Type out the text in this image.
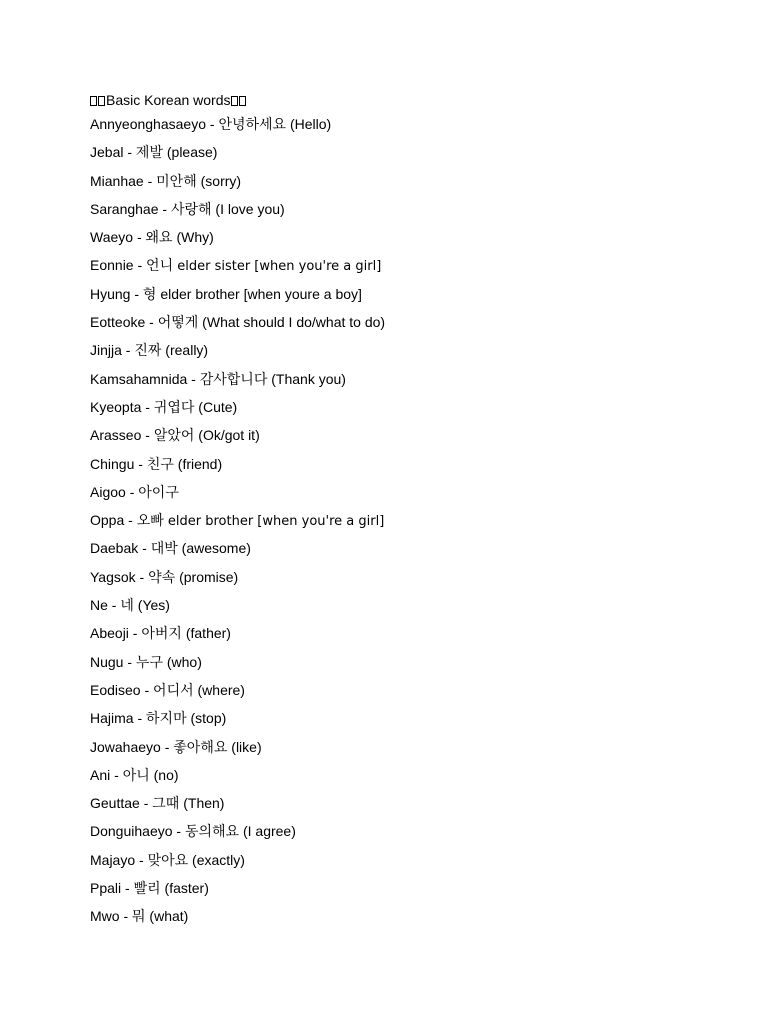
Basic Korean words
Annyeonghasaeyo - 안녕하세요 (Hello)
Jebal - 제발 (please)
Mianhae - 미안해 (sorry)
Saranghae - 사랑해 (I love you)
Waeyo - 왜요 (Why)
Eonnie - 언니 elder sister [when you're a girl]
Hyung - 형 elder brother [when youre a boy]
Eotteoke - 어떻게 (What should I do/what to do)
Jinjja - 진짜 (really)
Kamsahamnida - 감사합니다 (Thank you)
Kyeopta - 귀엽다 (Cute)
Arasseo - 알았어 (Ok/got it)
Chingu - 친구 (friend)
Aigoo - 아이구
Oppa - 오빠 elder brother [when you're a girl]
Daebak - 대박 (awesome)
Yagsok - 약속 (promise)
Ne - 네 (Yes)
Abeoji - 아버지 (father)
Nugu - 누구 (who)
Eodiseo - 어디서 (where)
Hajima - 하지마 (stop)
Jowahaeyo - 좋아해요 (like)
Ani - 아니 (no)
Geuttae - 그때 (Then)
Donguihaeyo - 동의해요 (I agree)
Majayo - 맞아요 (exactly)
Ppali - 빨리 (faster)
Mwo - 뭐 (what)
